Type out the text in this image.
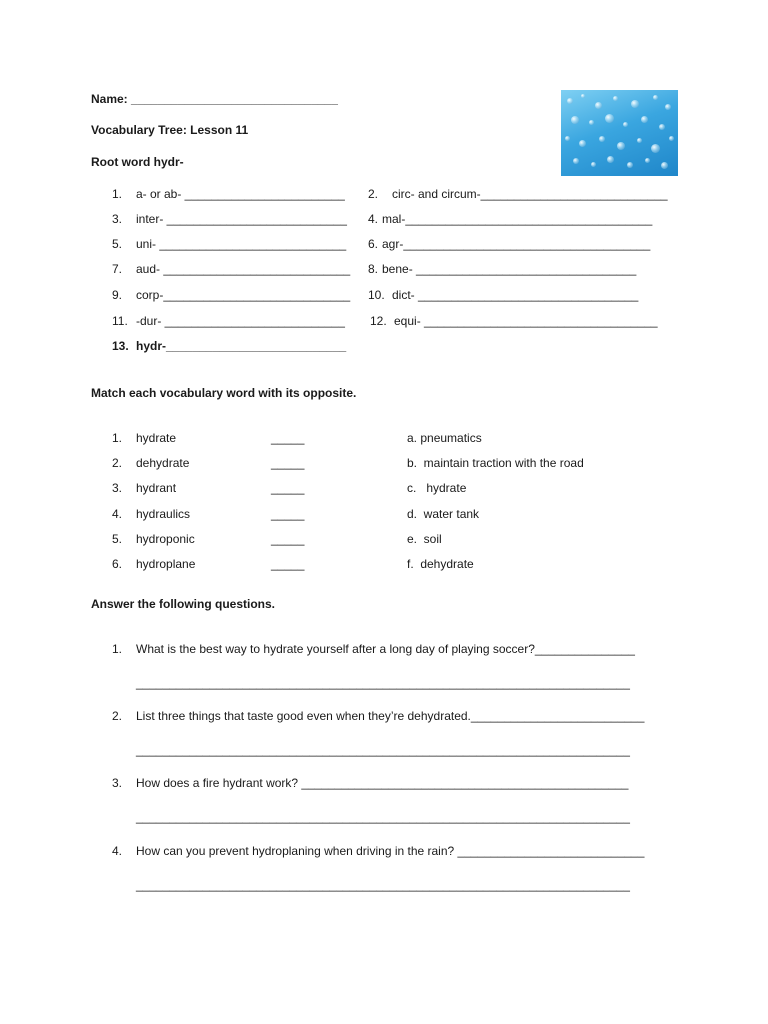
Name: _______________________________
Vocabulary Tree: Lesson 11
Root word hydr-
1. a- or ab- ________________________ 2. circ- and circum-____________________________
3. inter- ___________________________ 4. mal-_____________________________________
5. uni- ____________________________ 6. agr-_____________________________________
7. aud- ____________________________ 8. bene- _________________________________
9. corp-____________________________ 10. dict- _________________________________
11. -dur- ___________________________ 12. equi- ___________________________________
13. hydr-___________________________
Match each vocabulary word with its opposite.
1. hydrate	_____	a. pneumatics
2. dehydrate	_____	b.  maintain traction with the road
3. hydrant	_____	c.   hydrate
4. hydraulics	_____	d.  water tank
5. hydroponic	_____	e.  soil
6. hydroplane	_____	f.  dehydrate
Answer the following questions.
1. What is the best way to hydrate yourself after a long day of playing soccer?_______________
__________________________________________________________________________
2. List three things that taste good even when they’re dehydrated.__________________________
__________________________________________________________________________
3. How does a fire hydrant work? _________________________________________________
__________________________________________________________________________
4. How can you prevent hydroplaning when driving in the rain? ____________________________
__________________________________________________________________________
